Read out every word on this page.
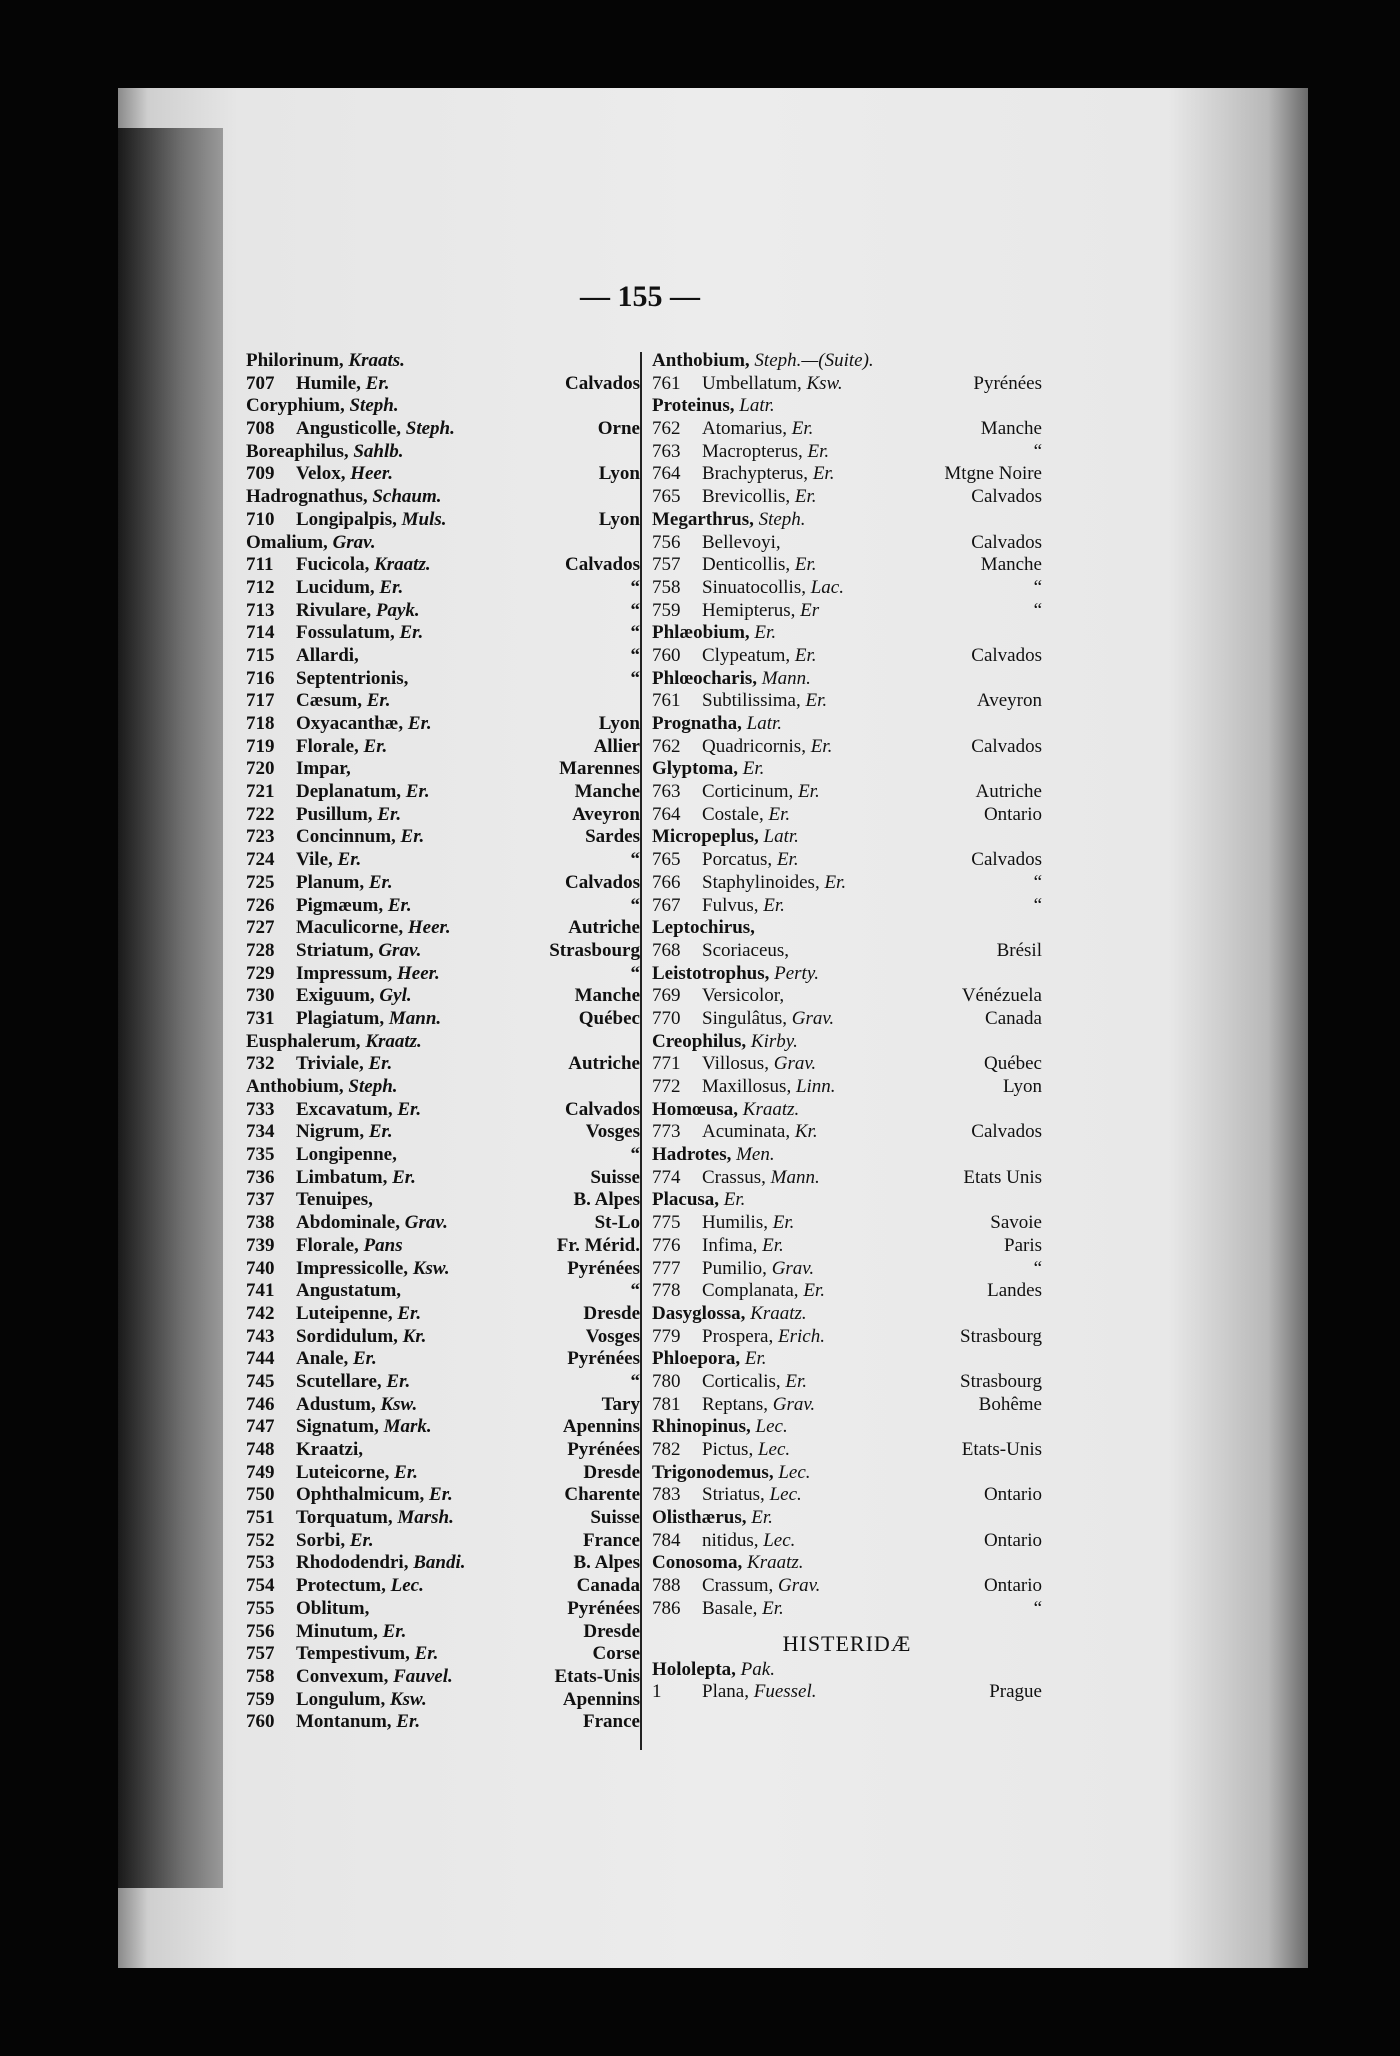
— 155 —
Philorinum, Kraats.
707 Humile, Er.	Calvados
Coryphium, Steph.
708 Angusticolle, Steph.	Orne
Boreaphilus, Sahlb.
709 Velox, Heer.	Lyon
Hadrognathus, Schaum.
710 Longipalpis, Muls.	Lyon
Omalium, Grav.
711 Fucicola, Kraatz.	Calvados
712 Lucidum, Er.	“
713 Rivulare, Payk.	“
714 Fossulatum, Er.	“
715 Allardi,	“
716 Septentrionis,	“
717 Cæsum, Er.
718 Oxyacanthæ, Er.	Lyon
719 Florale, Er.	Allier
720 Impar,	Marennes
721 Deplanatum, Er.	Manche
722 Pusillum, Er.	Aveyron
723 Concinnum, Er.	Sardes
724 Vile, Er.	“
725 Planum, Er.	Calvados
726 Pigmæum, Er.	“
727 Maculicorne, Heer.	Autriche
728 Striatum, Grav.	Strasbourg
729 Impressum, Heer.	“
730 Exiguum, Gyl.	Manche
731 Plagiatum, Mann.	Québec
Eusphalerum, Kraatz.
732 Triviale, Er.	Autriche
Anthobium, Steph.
733 Excavatum, Er.	Calvados
734 Nigrum, Er.	Vosges
735 Longipenne,	“
736 Limbatum, Er.	Suisse
737 Tenuipes,	B. Alpes
738 Abdominale, Grav.	St-Lo
739 Florale, Pans	Fr. Mérid.
740 Impressicolle, Ksw.	Pyrénées
741 Angustatum,	“
742 Luteipenne, Er.	Dresde
743 Sordidulum, Kr.	Vosges
744 Anale, Er.	Pyrénées
745 Scutellare, Er.	“
746 Adustum, Ksw.	Tary
747 Signatum, Mark.	Apennins
748 Kraatzi,	Pyrénées
749 Luteicorne, Er.	Dresde
750 Ophthalmicum, Er.	Charente
751 Torquatum, Marsh.	Suisse
752 Sorbi, Er.	France
753 Rhododendri, Bandi.	B. Alpes
754 Protectum, Lec.	Canada
755 Oblitum,	Pyrénées
756 Minutum, Er.	Dresde
757 Tempestivum, Er.	Corse
758 Convexum, Fauvel.	Etats-Unis
759 Longulum, Ksw.	Apennins
760 Montanum, Er.	France
Anthobium, Steph.—(Suite).
761 Umbellatum, Ksw.	Pyrénées
Proteinus, Latr.
762 Atomarius, Er.	Manche
763 Macropterus, Er.	“
764 Brachypterus, Er.	Mtgne Noire
765 Brevicollis, Er.	Calvados
Megarthrus, Steph.
756 Bellevoyi,	Calvados
757 Denticollis, Er.	Manche
758 Sinuatocollis, Lac.	“
759 Hemipterus, Er	“
Phlæobium, Er.
760 Clypeatum, Er.	Calvados
Phlœocharis, Mann.
761 Subtilissima, Er.	Aveyron
Prognatha, Latr.
762 Quadricornis, Er.	Calvados
Glyptoma, Er.
763 Corticinum, Er.	Autriche
764 Costale, Er.	Ontario
Micropeplus, Latr.
765 Porcatus, Er.	Calvados
766 Staphylinoides, Er.	“
767 Fulvus, Er.	“
Leptochirus,
768 Scoriaceus,	Brésil
Leistotrophus, Perty.
769 Versicolor,	Vénézuela
770 Singulâtus, Grav.	Canada
Creophilus, Kirby.
771 Villosus, Grav.	Québec
772 Maxillosus, Linn.	Lyon
Homœusa, Kraatz.
773 Acuminata, Kr.	Calvados
Hadrotes, Men.
774 Crassus, Mann.	Etats Unis
Placusa, Er.
775 Humilis, Er.	Savoie
776 Infima, Er.	Paris
777 Pumilio, Grav.	“
778 Complanata, Er.	Landes
Dasyglossa, Kraatz.
779 Prospera, Erich.	Strasbourg
Phloepora, Er.
780 Corticalis, Er.	Strasbourg
781 Reptans, Grav.	Bohême
Rhinopinus, Lec.
782 Pictus, Lec.	Etats-Unis
Trigonodemus, Lec.
783 Striatus, Lec.	Ontario
Olisthærus, Er.
784 nitidus, Lec.	Ontario
Conosoma, Kraatz.
788 Crassum, Grav.	Ontario
786 Basale, Er.	“
HISTERIDÆ
Hololepta, Pak.
1 Plana, Fuessel.	Prague
